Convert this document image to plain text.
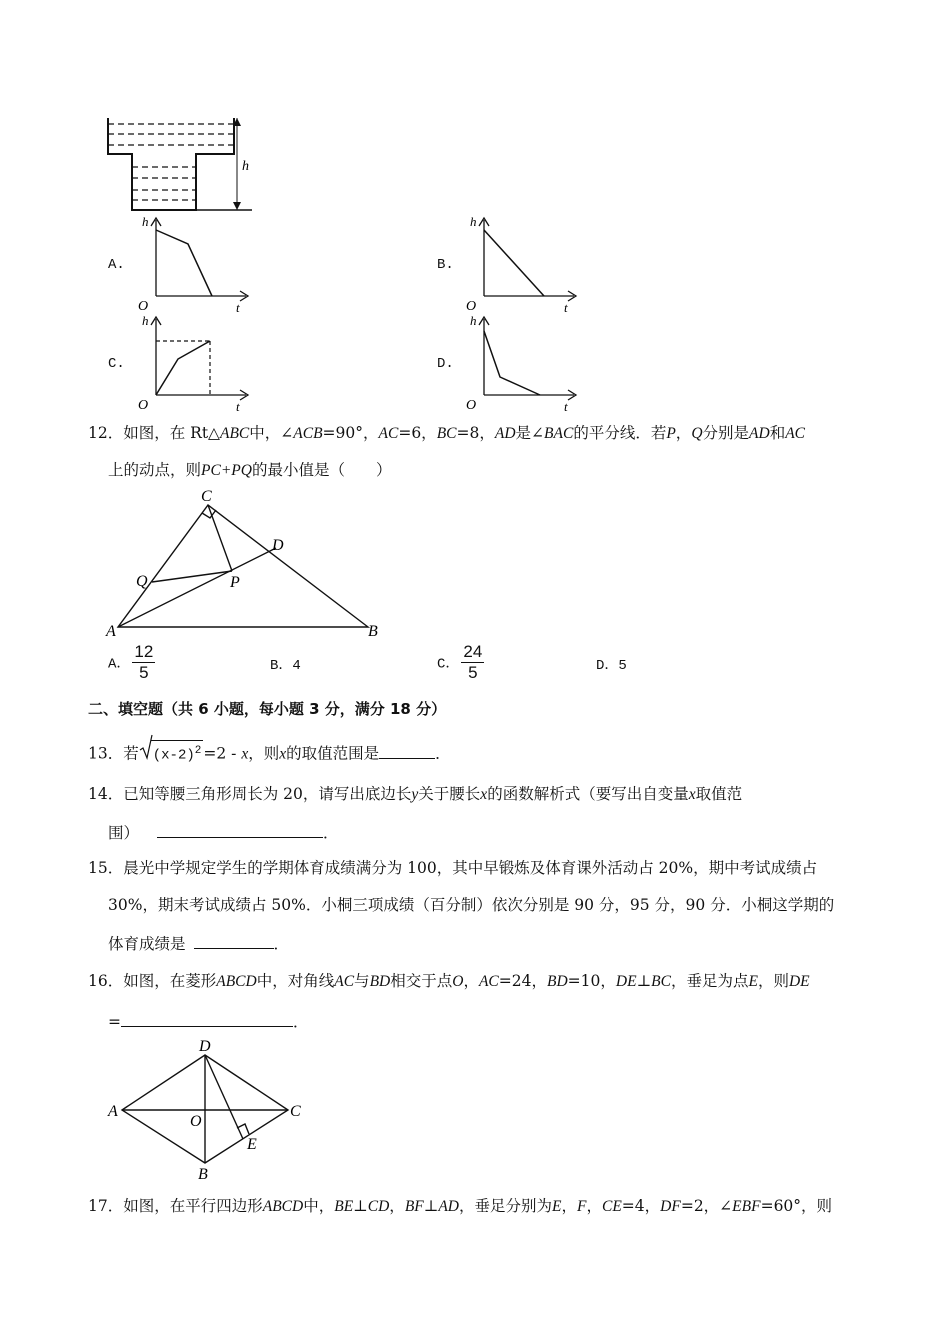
h
A.
h
O	t
B.
h
O	t
C.
h
O	t
D.
h
O	t
12．如图，在 Rt△ABC中，∠ACB=90°，AC=6，BC=8，AD是∠BAC的平分线．若P，Q分别是AD和AC
上的动点，则PC+PQ的最小值是（　　）
C
D
Q	P
A	B
A． $\frac{12}{5}$	B．4	C． $\frac{24}{5}$	D．5
二、填空题（共 6 小题，每小题 3 分，满分 18 分）
13．若 $(x-2)^2 =2 - x$，则x的取值范围是	．
14．已知等腰三角形周长为 20，请写出底边长y关于腰长x的函数解析式（要写出自变量x取值范
围）	．
15．晨光中学规定学生的学期体育成绩满分为 100，其中早锻炼及体育课外活动占 20%，期中考试成绩占
30%，期末考试成绩占 50%．小桐三项成绩（百分制）依次分别是 90 分，95 分，90 分．小桐这学期的
体育成绩是	．
16．如图，在菱形ABCD中，对角线AC与BD相交于点O，AC=24，BD=10，DE⊥BC，垂足为点E，则DE
=	．
D
A
O
C
E
B
17．如图，在平行四边形ABCD中，BE⊥CD，BF⊥AD，垂足分别为E，F，CE=4，DF=2，∠EBF=60°，则
